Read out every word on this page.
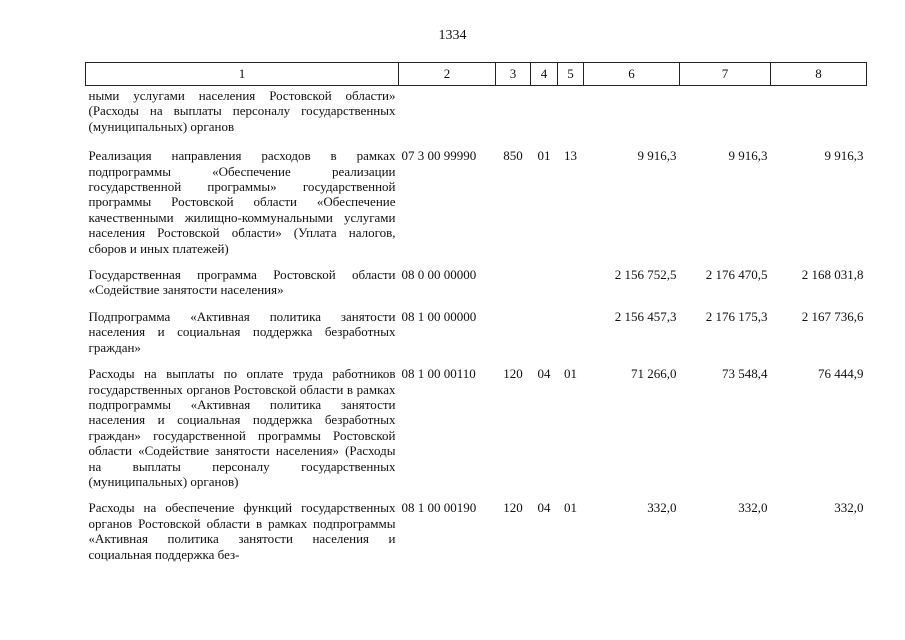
1334
1	2	3	4	5	6	7	8
ными услугами населения Ростовской области» (Расходы на выплаты персоналу государственных (муниципальных) органов							
Реализация направления расходов в рамках подпрограммы «Обеспечение реализации государственной программы» государственной программы Ростовской области «Обеспечение качественными жилищно-коммунальными услугами населения Ростовской области» (Уплата налогов, сборов и иных платежей)	07 3 00 99990	850	01	13	9 916,3	9 916,3	9 916,3
Государственная программа Ростовской области «Содействие занятости населения»	08 0 00 00000				2 156 752,5	2 176 470,5	2 168 031,8
Подпрограмма «Активная политика занятости населения и социальная поддержка безработных граждан»	08 1 00 00000				2 156 457,3	2 176 175,3	2 167 736,6
Расходы на выплаты по оплате труда работников государственных органов Ростовской области в рамках подпрограммы «Активная политика занятости населения и социальная поддержка безработных граждан» государственной программы Ростовской области «Содействие занятости населения» (Расходы на выплаты персоналу государственных (муниципальных) органов)	08 1 00 00110	120	04	01	71 266,0	73 548,4	76 444,9
Расходы на обеспечение функций государственных органов Ростовской области в рамках подпрограммы «Активная политика занятости населения и социальная поддержка без-	08 1 00 00190	120	04	01	332,0	332,0	332,0
